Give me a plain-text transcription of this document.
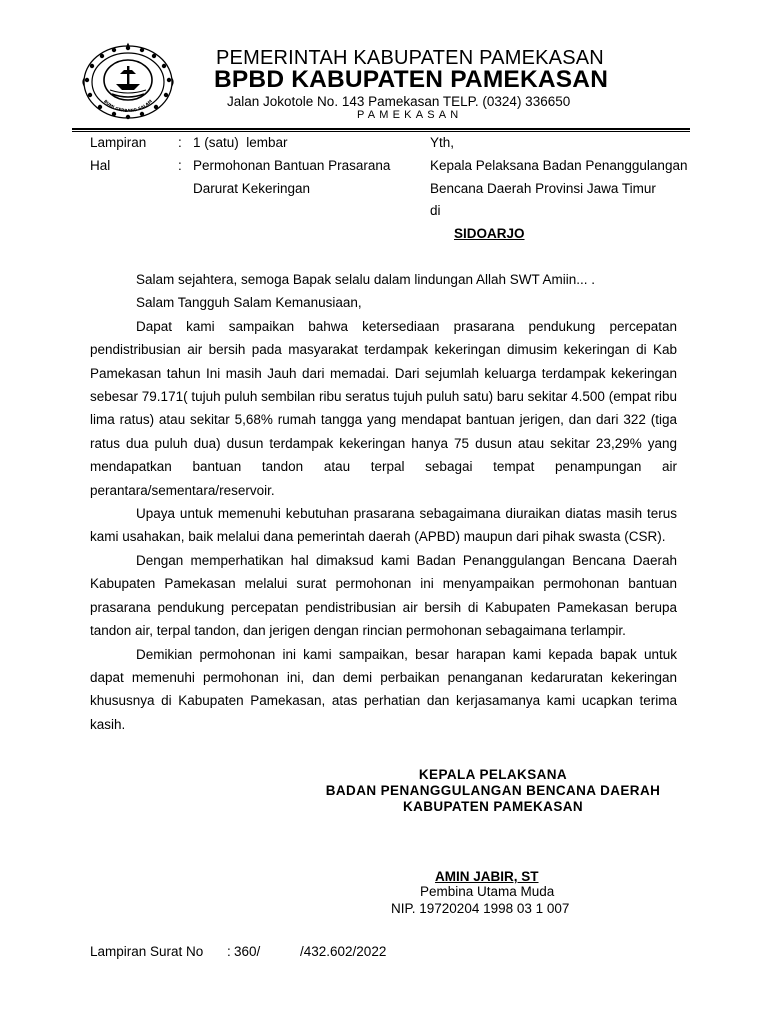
BUMI GERBANG SALAM
PEMERINTAH KABUPATEN PAMEKASAN
BPBD KABUPATEN PAMEKASAN
Jalan Jokotole No. 143 Pamekasan TELP. (0324) 336650
PAMEKASAN
Lampiran : 1 (satu)  lembar
Hal	: Permohonan Bantuan Prasarana
Darurat Kekeringan
Yth,
Kepala Pelaksana Badan Penanggulangan
Bencana Daerah Provinsi Jawa Timur
di
SIDOARJO

Salam sejahtera, semoga Bapak selalu dalam lindungan Allah SWT Amiin... .

Salam Tangguh Salam Kemanusiaan,

Dapat kami sampaikan bahwa ketersediaan prasarana pendukung percepatan pendistribusian air bersih pada masyarakat terdampak kekeringan dimusim kekeringan di Kab Pamekasan tahun Ini masih Jauh dari memadai. Dari sejumlah keluarga terdampak kekeringan sebesar 79.171( tujuh puluh sembilan ribu seratus tujuh puluh satu) baru sekitar 4.500 (empat ribu lima ratus) atau sekitar 5,68% rumah tangga yang mendapat bantuan jerigen, dan dari 322 (tiga ratus dua puluh dua) dusun terdampak kekeringan hanya 75 dusun atau sekitar 23,29% yang mendapatkan bantuan tandon atau terpal sebagai tempat penampungan air perantara/sementara/reservoir.

Upaya untuk memenuhi kebutuhan prasarana sebagaimana diuraikan diatas masih terus kami usahakan, baik melalui dana pemerintah daerah (APBD) maupun dari pihak swasta (CSR).

Dengan memperhatikan hal dimaksud kami Badan Penanggulangan Bencana Daerah Kabupaten Pamekasan melalui surat permohonan ini menyampaikan permohonan bantuan prasarana pendukung percepatan pendistribusian air bersih di Kabupaten Pamekasan berupa tandon air, terpal tandon, dan jerigen dengan rincian permohonan sebagaimana terlampir.

Demikian permohonan ini kami sampaikan, besar harapan kami kepada bapak untuk dapat memenuhi permohonan ini, dan demi perbaikan penanganan kedaruratan kekeringan khususnya di Kabupaten Pamekasan, atas perhatian dan kerjasamanya kami ucapkan terima kasih.

KEPALA PELAKSANA
BADAN PENANGGULANGAN BENCANA DAERAH
KABUPATEN PAMEKASAN
AMIN JABIR, ST
Pembina Utama Muda
NIP. 19720204 1998 03 1 007
Lampiran Surat No : 360/	/432.602/2022
